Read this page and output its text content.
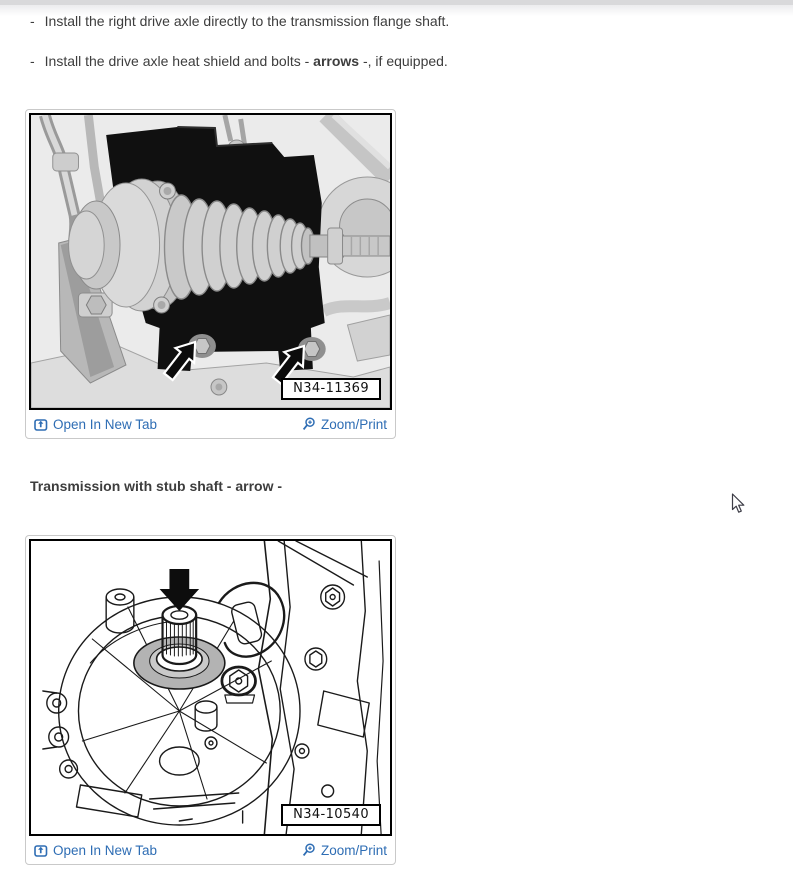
- Install the right drive axle directly to the transmission flange shaft.
- Install the drive axle heat shield and bolts - arrows -, if equipped.
N34-11369
Open In New Tab	Zoom/Print
Transmission with stub shaft - arrow -
N34-10540
Open In New Tab	Zoom/Print
